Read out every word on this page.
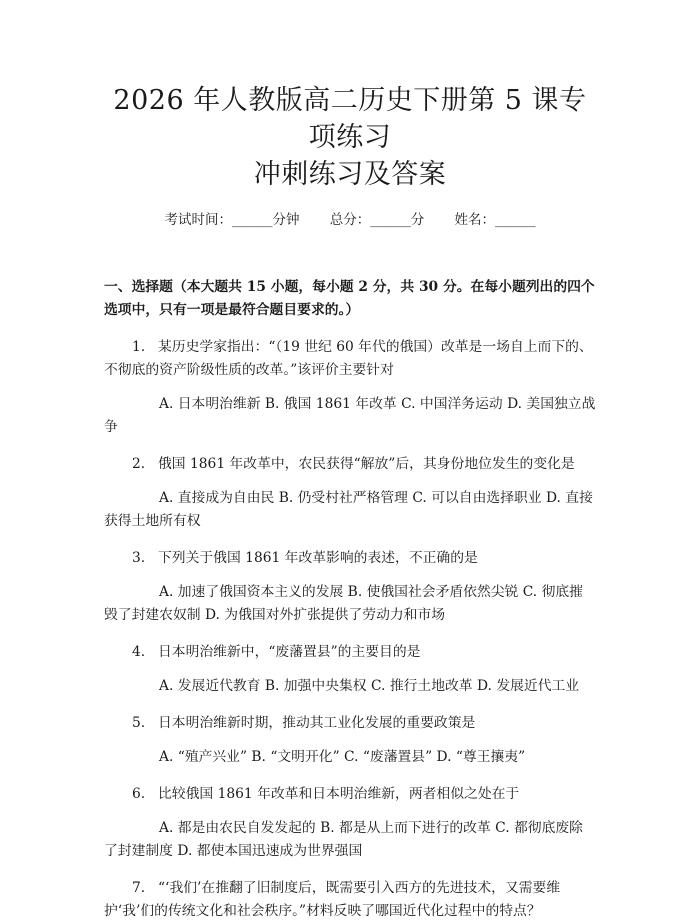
2026 年人教版高二历史下册第 5 课专项练习
冲刺练习及答案
考试时间：______分钟 总分：______分 姓名：______
一、选择题（本大题共 15 小题，每小题 2 分，共 30 分。在每小题列出的四个选项中，只有一项是最符合题目要求的。）
1. 某历史学家指出：“（19 世纪 60 年代的俄国）改革是一场自上而下的、不彻底的资产阶级性质的改革。”该评价主要针对
A. 日本明治维新 B. 俄国 1861 年改革 C. 中国洋务运动 D. 美国独立战争
2. 俄国 1861 年改革中，农民获得“解放”后，其身份地位发生的变化是
A. 直接成为自由民 B. 仍受村社严格管理 C. 可以自由选择职业 D. 直接获得土地所有权
3. 下列关于俄国 1861 年改革影响的表述，不正确的是
A. 加速了俄国资本主义的发展 B. 使俄国社会矛盾依然尖锐 C. 彻底摧毁了封建农奴制 D. 为俄国对外扩张提供了劳动力和市场
4. 日本明治维新中，“废藩置县”的主要目的是
A. 发展近代教育 B. 加强中央集权 C. 推行土地改革 D. 发展近代工业
5. 日本明治维新时期，推动其工业化发展的重要政策是
A. “殖产兴业” B. “文明开化” C. “废藩置县” D. “尊王攘夷”
6. 比较俄国 1861 年改革和日本明治维新，两者相似之处在于
A. 都是由农民自发发起的 B. 都是从上而下进行的改革 C. 都彻底废除了封建制度 D. 都使本国迅速成为世界强国
7. “‘我们’在推翻了旧制度后，既需要引入西方的先进技术，又需要维护‘我’们的传统文化和社会秩序。”材料反映了哪国近代化过程中的特点？
